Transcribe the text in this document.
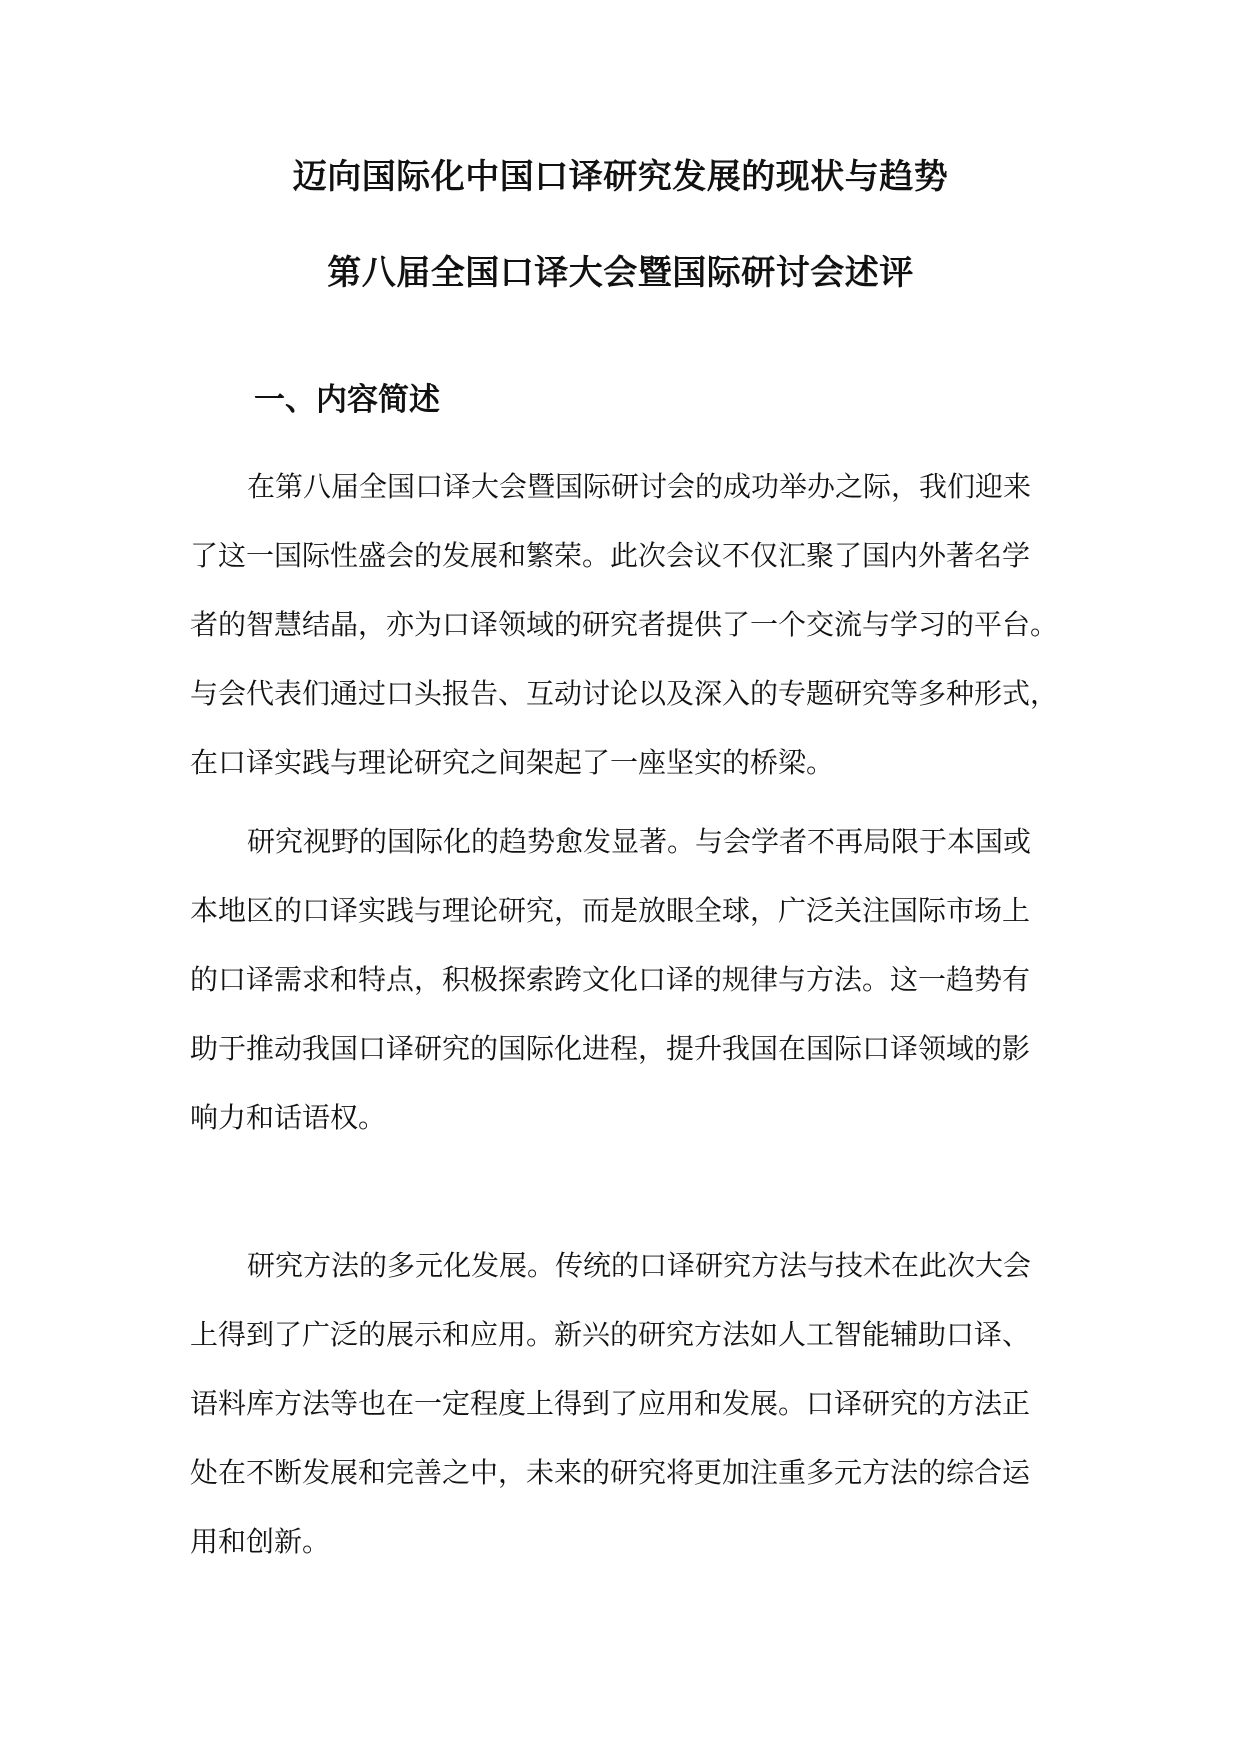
迈向国际化中国口译研究发展的现状与趋势
第八届全国口译大会暨国际研讨会述评
一、内容简述
在第八届全国口译大会暨国际研讨会的成功举办之际，我们迎来
了这一国际性盛会的发展和繁荣。此次会议不仅汇聚了国内外著名学
者的智慧结晶，亦为口译领域的研究者提供了一个交流与学习的平台。
与会代表们通过口头报告、互动讨论以及深入的专题研究等多种形式，
在口译实践与理论研究之间架起了一座坚实的桥梁。
研究视野的国际化的趋势愈发显著。与会学者不再局限于本国或
本地区的口译实践与理论研究，而是放眼全球，广泛关注国际市场上
的口译需求和特点，积极探索跨文化口译的规律与方法。这一趋势有
助于推动我国口译研究的国际化进程，提升我国在国际口译领域的影
响力和话语权。
研究方法的多元化发展。传统的口译研究方法与技术在此次大会
上得到了广泛的展示和应用。新兴的研究方法如人工智能辅助口译、
语料库方法等也在一定程度上得到了应用和发展。口译研究的方法正
处在不断发展和完善之中，未来的研究将更加注重多元方法的综合运
用和创新。
